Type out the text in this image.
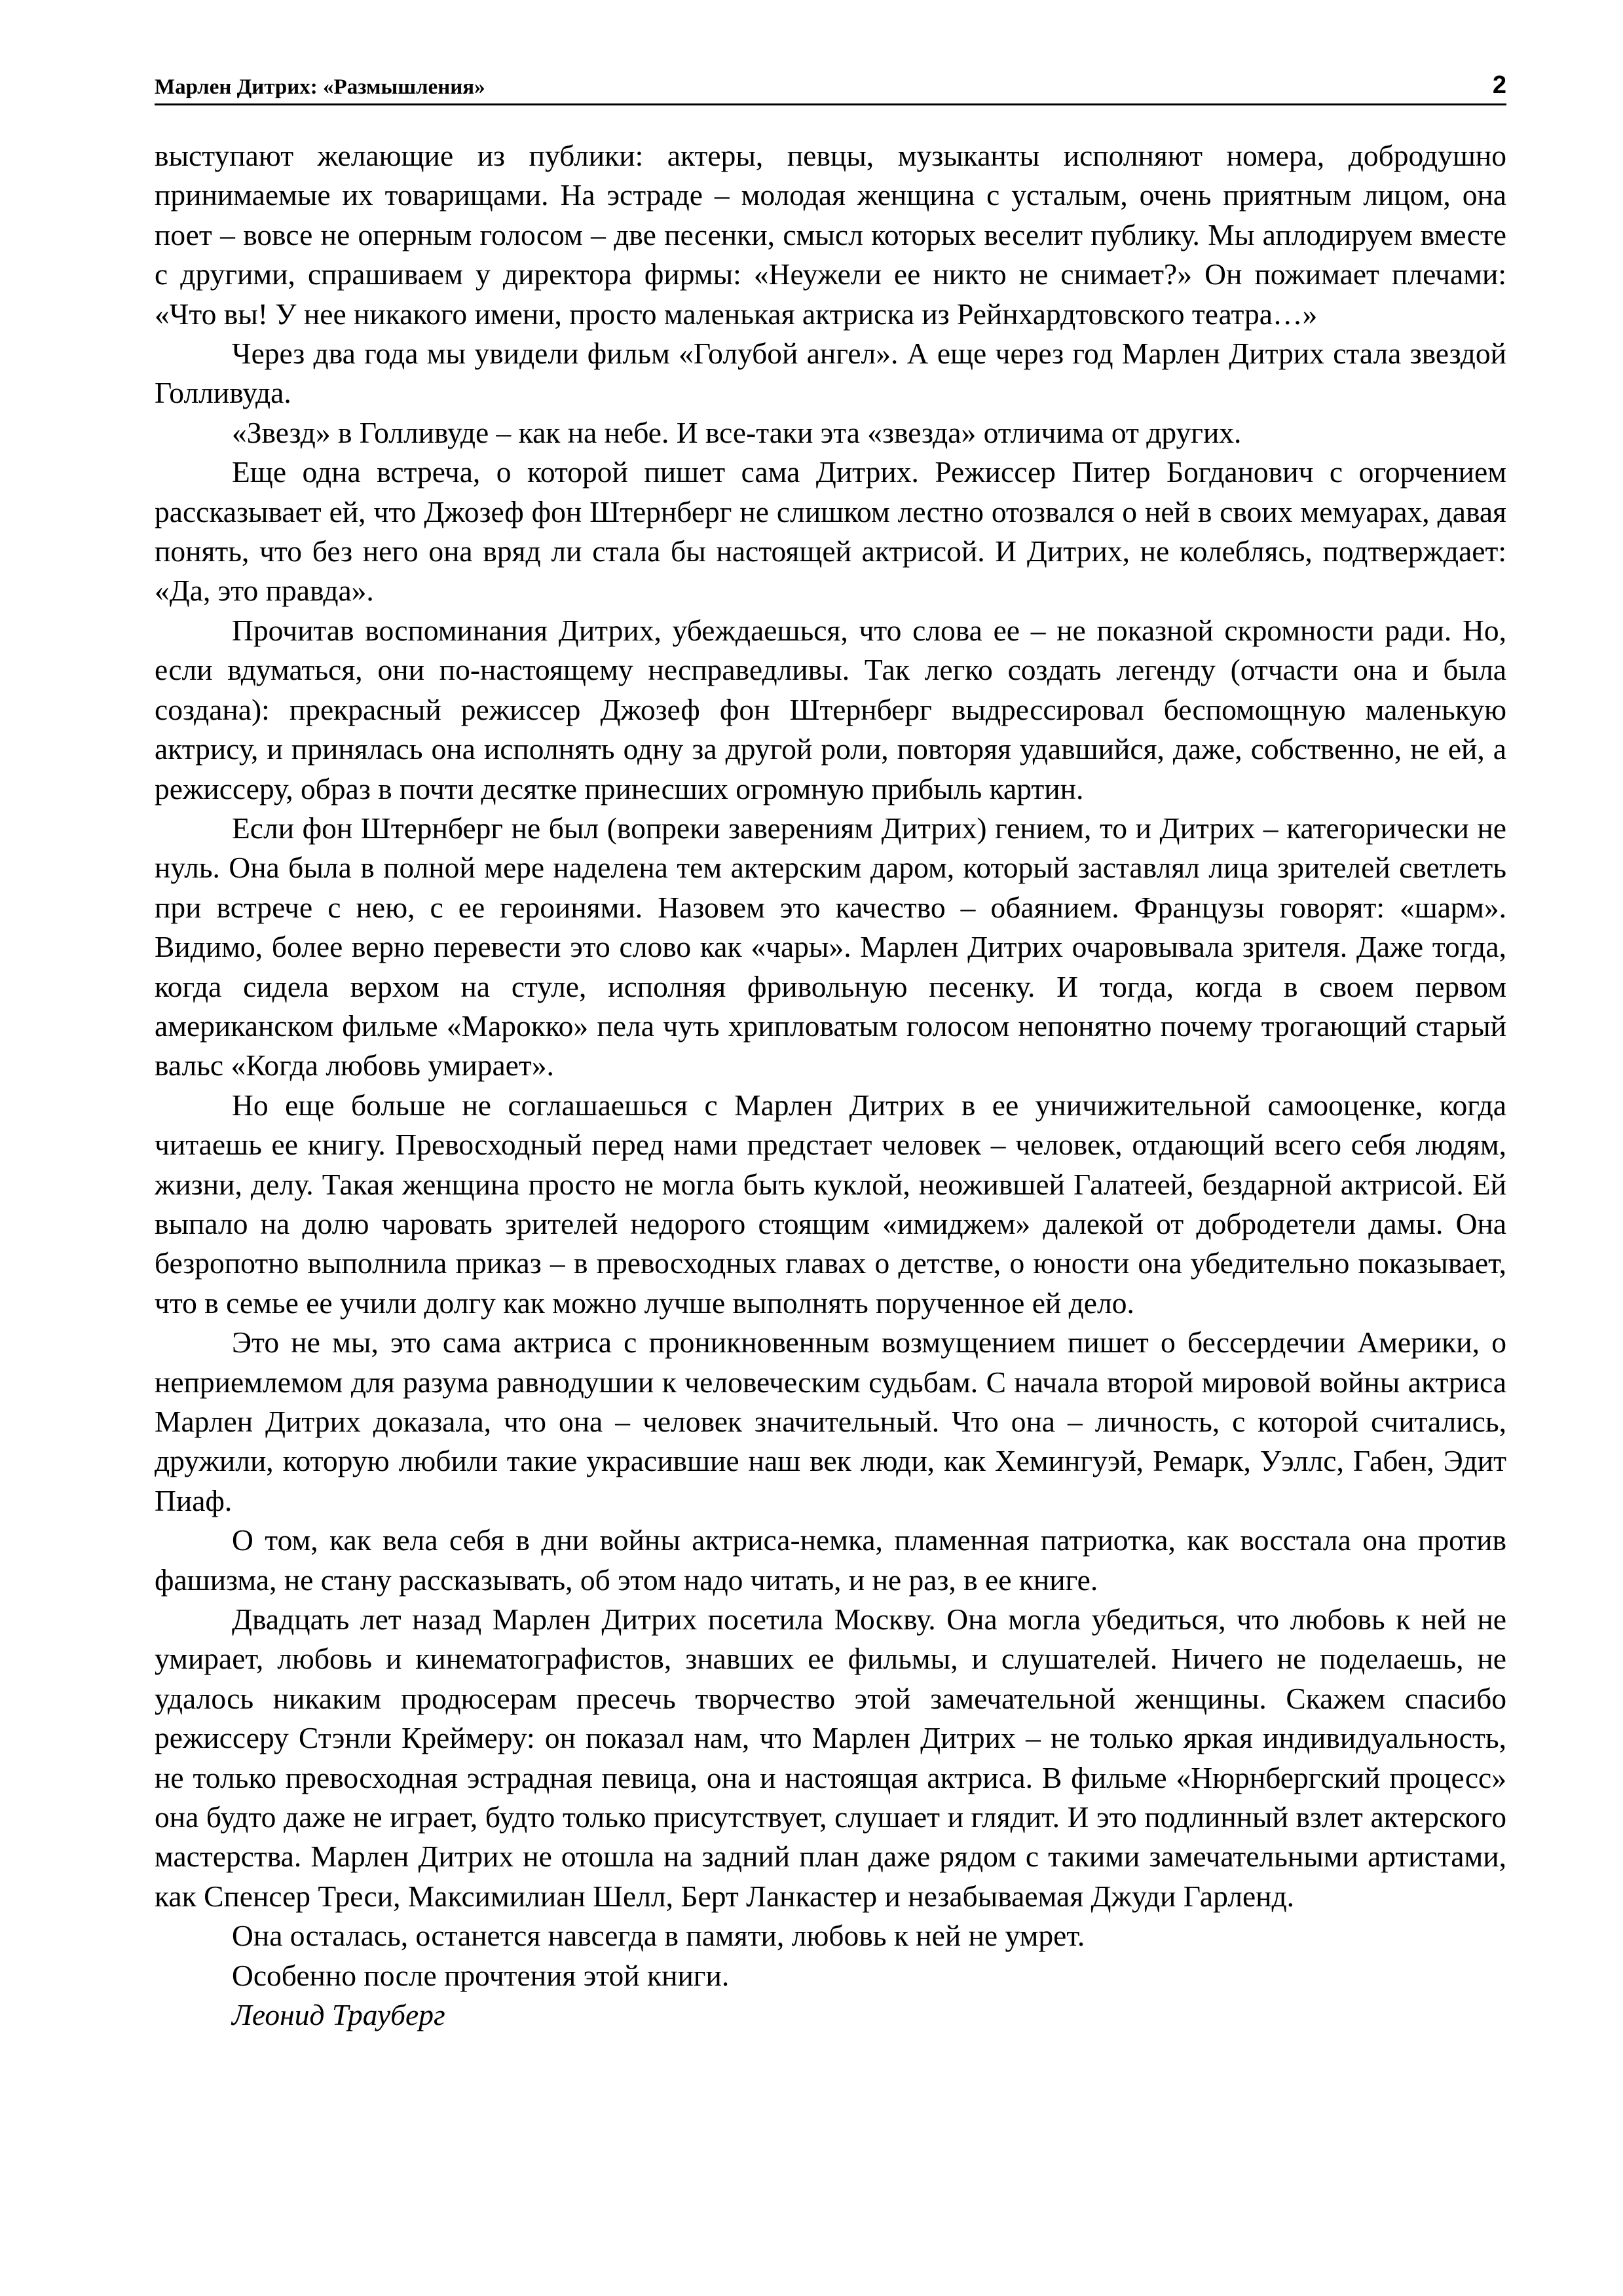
Марлен Дитрих: «Размышления»	2

выступают желающие из публики: актеры, певцы, музыканты исполняют номера, добродушно принимаемые их товарищами. На эстраде – молодая женщина с усталым, очень приятным лицом, она поет – вовсе не оперным голосом – две песенки, смысл которых веселит публику. Мы аплодируем вместе с другими, спрашиваем у директора фирмы: «Неужели ее никто не снимает?» Он пожимает плечами: «Что вы! У нее никакого имени, просто маленькая актриска из Рейнхардтовского театра…»

Через два года мы увидели фильм «Голубой ангел». А еще через год Марлен Дитрих стала звездой Голливуда.

«Звезд» в Голливуде – как на небе. И все-таки эта «звезда» отличима от других.

Еще одна встреча, о которой пишет сама Дитрих. Режиссер Питер Богданович с огорчением рассказывает ей, что Джозеф фон Штернберг не слишком лестно отозвался о ней в своих мемуарах, давая понять, что без него она вряд ли стала бы настоящей актрисой. И Дитрих, не колеблясь, подтверждает: «Да, это правда».

Прочитав воспоминания Дитрих, убеждаешься, что слова ее – не показной скромности ради. Но, если вдуматься, они по-настоящему несправедливы. Так легко создать легенду (отчасти она и была создана): прекрасный режиссер Джозеф фон Штернберг выдрессировал беспомощную маленькую актрису, и принялась она исполнять одну за другой роли, повторяя удавшийся, даже, собственно, не ей, а режиссеру, образ в почти десятке принесших огромную прибыль картин.

Если фон Штернберг не был (вопреки заверениям Дитрих) гением, то и Дитрих – категорически не нуль. Она была в полной мере наделена тем актерским даром, который заставлял лица зрителей светлеть при встрече с нею, с ее героинями. Назовем это качество – обаянием. Французы говорят: «шарм». Видимо, более верно перевести это слово как «чары». Марлен Дитрих очаровывала зрителя. Даже тогда, когда сидела верхом на стуле, исполняя фривольную песенку. И тогда, когда в своем первом американском фильме «Марокко» пела чуть хрипловатым голосом непонятно почему трогающий старый вальс «Когда любовь умирает».

Но еще больше не соглашаешься с Марлен Дитрих в ее уничижительной самооценке, когда читаешь ее книгу. Превосходный перед нами предстает человек – человек, отдающий всего себя людям, жизни, делу. Такая женщина просто не могла быть куклой, неожившей Галатеей, бездарной актрисой. Ей выпало на долю чаровать зрителей недорого стоящим «имиджем» далекой от добродетели дамы. Она безропотно выполнила приказ – в превосходных главах о детстве, о юности она убедительно показывает, что в семье ее учили долгу как можно лучше выполнять порученное ей дело.

Это не мы, это сама актриса с проникновенным возмущением пишет о бессердечии Америки, о неприемлемом для разума равнодушии к человеческим судьбам. С начала второй мировой войны актриса Марлен Дитрих доказала, что она – человек значительный. Что она – личность, с которой считались, дружили, которую любили такие украсившие наш век люди, как Хемингуэй, Ремарк, Уэллс, Габен, Эдит Пиаф.

О том, как вела себя в дни войны актриса-немка, пламенная патриотка, как восстала она против фашизма, не стану рассказывать, об этом надо читать, и не раз, в ее книге.

Двадцать лет назад Марлен Дитрих посетила Москву. Она могла убедиться, что любовь к ней не умирает, любовь и кинематографистов, знавших ее фильмы, и слушателей. Ничего не поделаешь, не удалось никаким продюсерам пресечь творчество этой замечательной женщины. Скажем спасибо режиссеру Стэнли Креймеру: он показал нам, что Марлен Дитрих – не только яркая индивидуальность, не только превосходная эстрадная певица, она и настоящая актриса. В фильме «Нюрнбергский процесс» она будто даже не играет, будто только присутствует, слушает и глядит. И это подлинный взлет актерского мастерства. Марлен Дитрих не отошла на задний план даже рядом с такими замечательными артистами, как Спенсер Треси, Максимилиан Шелл, Берт Ланкастер и незабываемая Джуди Гарленд.

Она осталась, останется навсегда в памяти, любовь к ней не умрет.

Особенно после прочтения этой книги.

Леонид Трауберг
